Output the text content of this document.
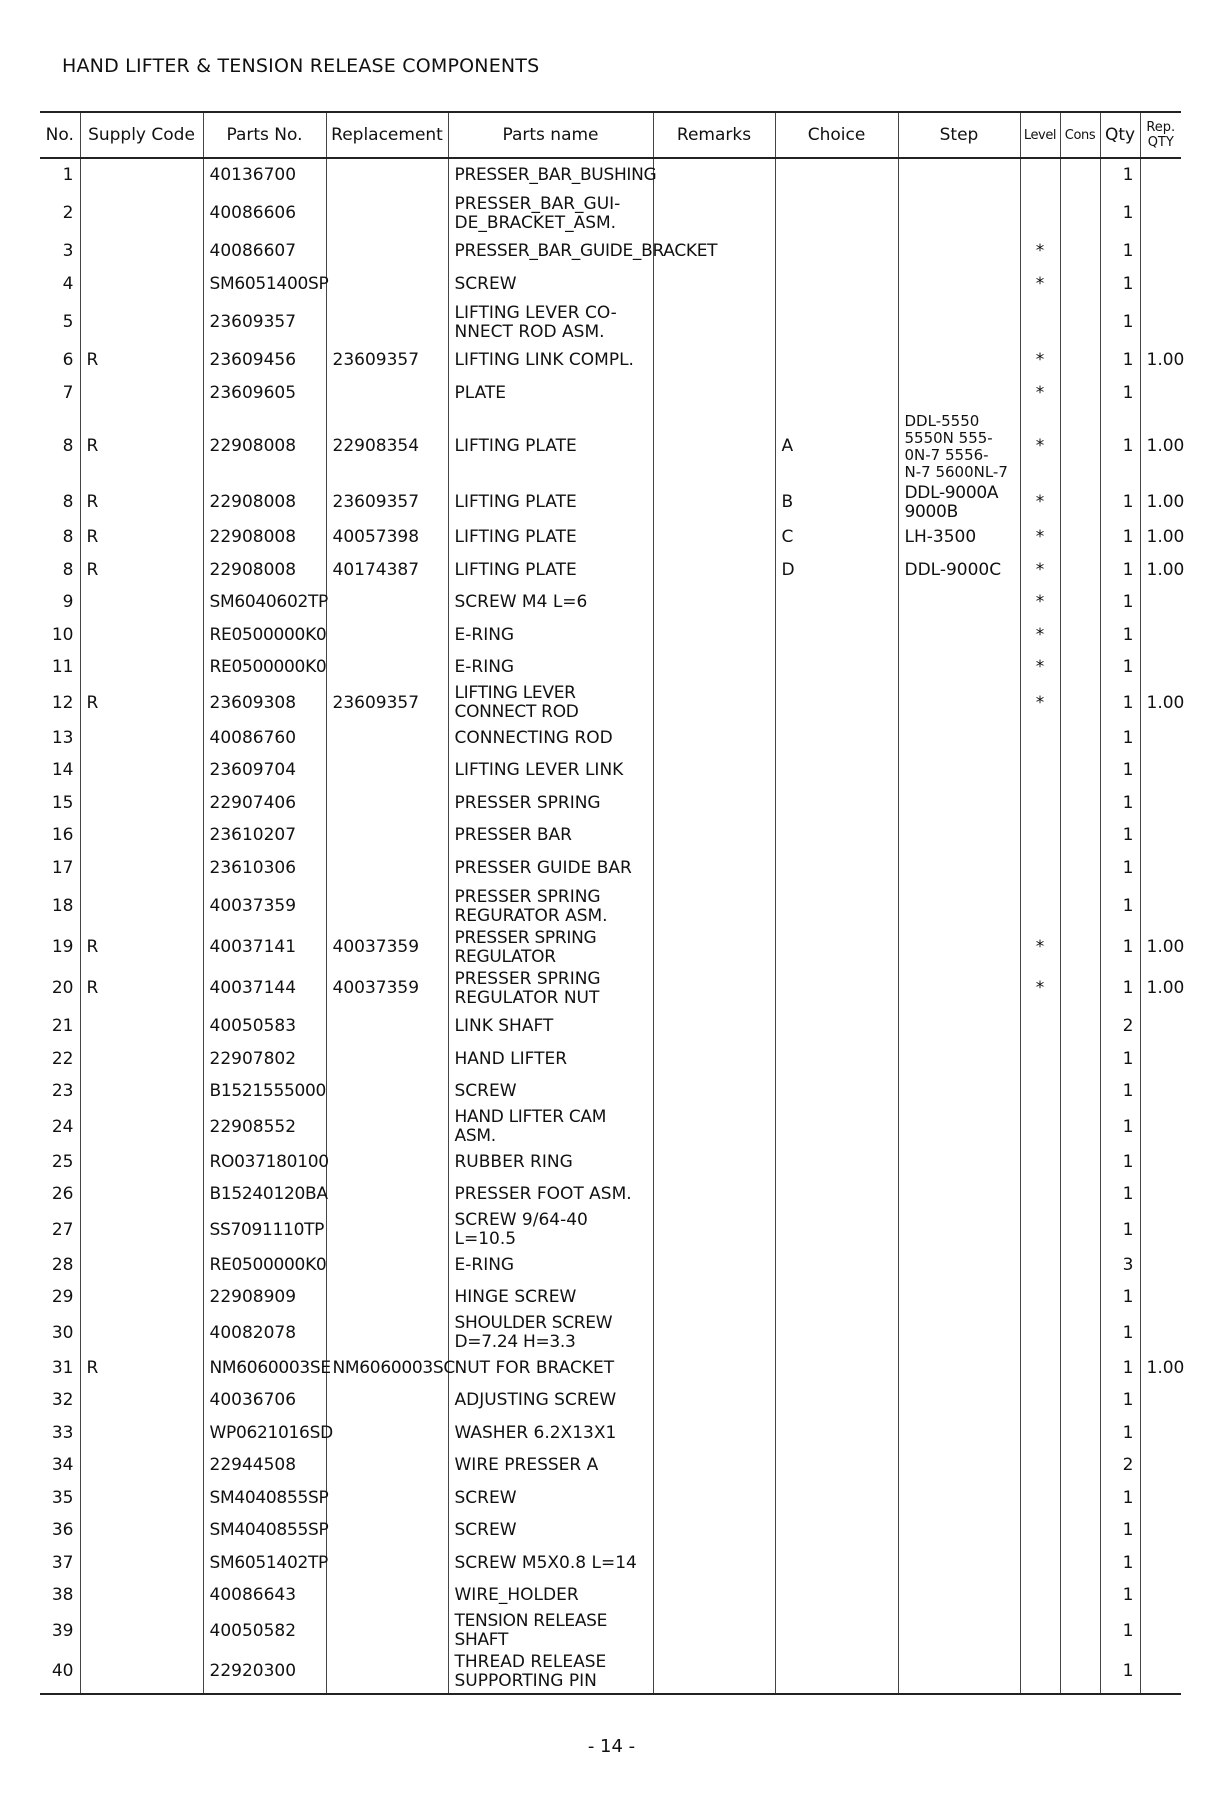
HAND LIFTER & TENSION RELEASE COMPONENTS
No.	Supply Code	Parts No.	Replacement	Parts name	Remarks	Choice	Step	Level	Cons	Qty	Rep.
QTY
1		40136700		PRESSER_BAR_BUSHING						1	
2		40086606		PRESSER_BAR_GUI-
DE_BRACKET_ASM.						1	
3		40086607		PRESSER_BAR_GUIDE_BRACKET				*		1	
4		SM6051400SP		SCREW				*		1	
5		23609357		LIFTING LEVER CO-
NNECT ROD ASM.						1	
6	R	23609456	23609357	LIFTING LINK COMPL.				*		1	1.00
7		23609605		PLATE				*		1	
8	R	22908008	22908354	LIFTING PLATE		A	DDL-5550
5550N 555-
0N-7 5556-
N-7 5600NL-7	*		1	1.00
8	R	22908008	23609357	LIFTING PLATE		B	DDL-9000A 9000B	*		1	1.00
8	R	22908008	40057398	LIFTING PLATE		C	LH-3500	*		1	1.00
8	R	22908008	40174387	LIFTING PLATE		D	DDL-9000C	*		1	1.00
9		SM6040602TP		SCREW M4 L=6				*		1	
10		RE0500000K0		E-RING				*		1	
11		RE0500000K0		E-RING				*		1	
12	R	23609308	23609357	LIFTING LEVER CONNECT ROD				*		1	1.00
13		40086760		CONNECTING ROD						1	
14		23609704		LIFTING LEVER LINK						1	
15		22907406		PRESSER SPRING						1	
16		23610207		PRESSER BAR						1	
17		23610306		PRESSER GUIDE BAR						1	
18		40037359		PRESSER SPRING
REGURATOR ASM.						1	
19	R	40037141	40037359	PRESSER SPRING REGULATOR				*		1	1.00
20	R	40037144	40037359	PRESSER SPRING
REGULATOR NUT				*		1	1.00
21		40050583		LINK SHAFT						2	
22		22907802		HAND LIFTER						1	
23		B1521555000		SCREW						1	
24		22908552		HAND LIFTER CAM ASM.						1	
25		RO037180100		RUBBER RING						1	
26		B15240120BA		PRESSER FOOT ASM.						1	
27		SS7091110TP		SCREW 9/64-40 L=10.5						1	
28		RE0500000K0		E-RING						3	
29		22908909		HINGE SCREW						1	
30		40082078		SHOULDER SCREW D=7.24 H=3.3						1	
31	R	NM6060003SE	NM6060003SC	NUT FOR BRACKET						1	1.00
32		40036706		ADJUSTING SCREW						1	
33		WP0621016SD		WASHER 6.2X13X1						1	
34		22944508		WIRE PRESSER A						2	
35		SM4040855SP		SCREW						1	
36		SM4040855SP		SCREW						1	
37		SM6051402TP		SCREW M5X0.8 L=14						1	
38		40086643		WIRE_HOLDER						1	
39		40050582		TENSION RELEASE SHAFT						1	
40		22920300		THREAD RELEASE
SUPPORTING PIN						1	
- 14 -
